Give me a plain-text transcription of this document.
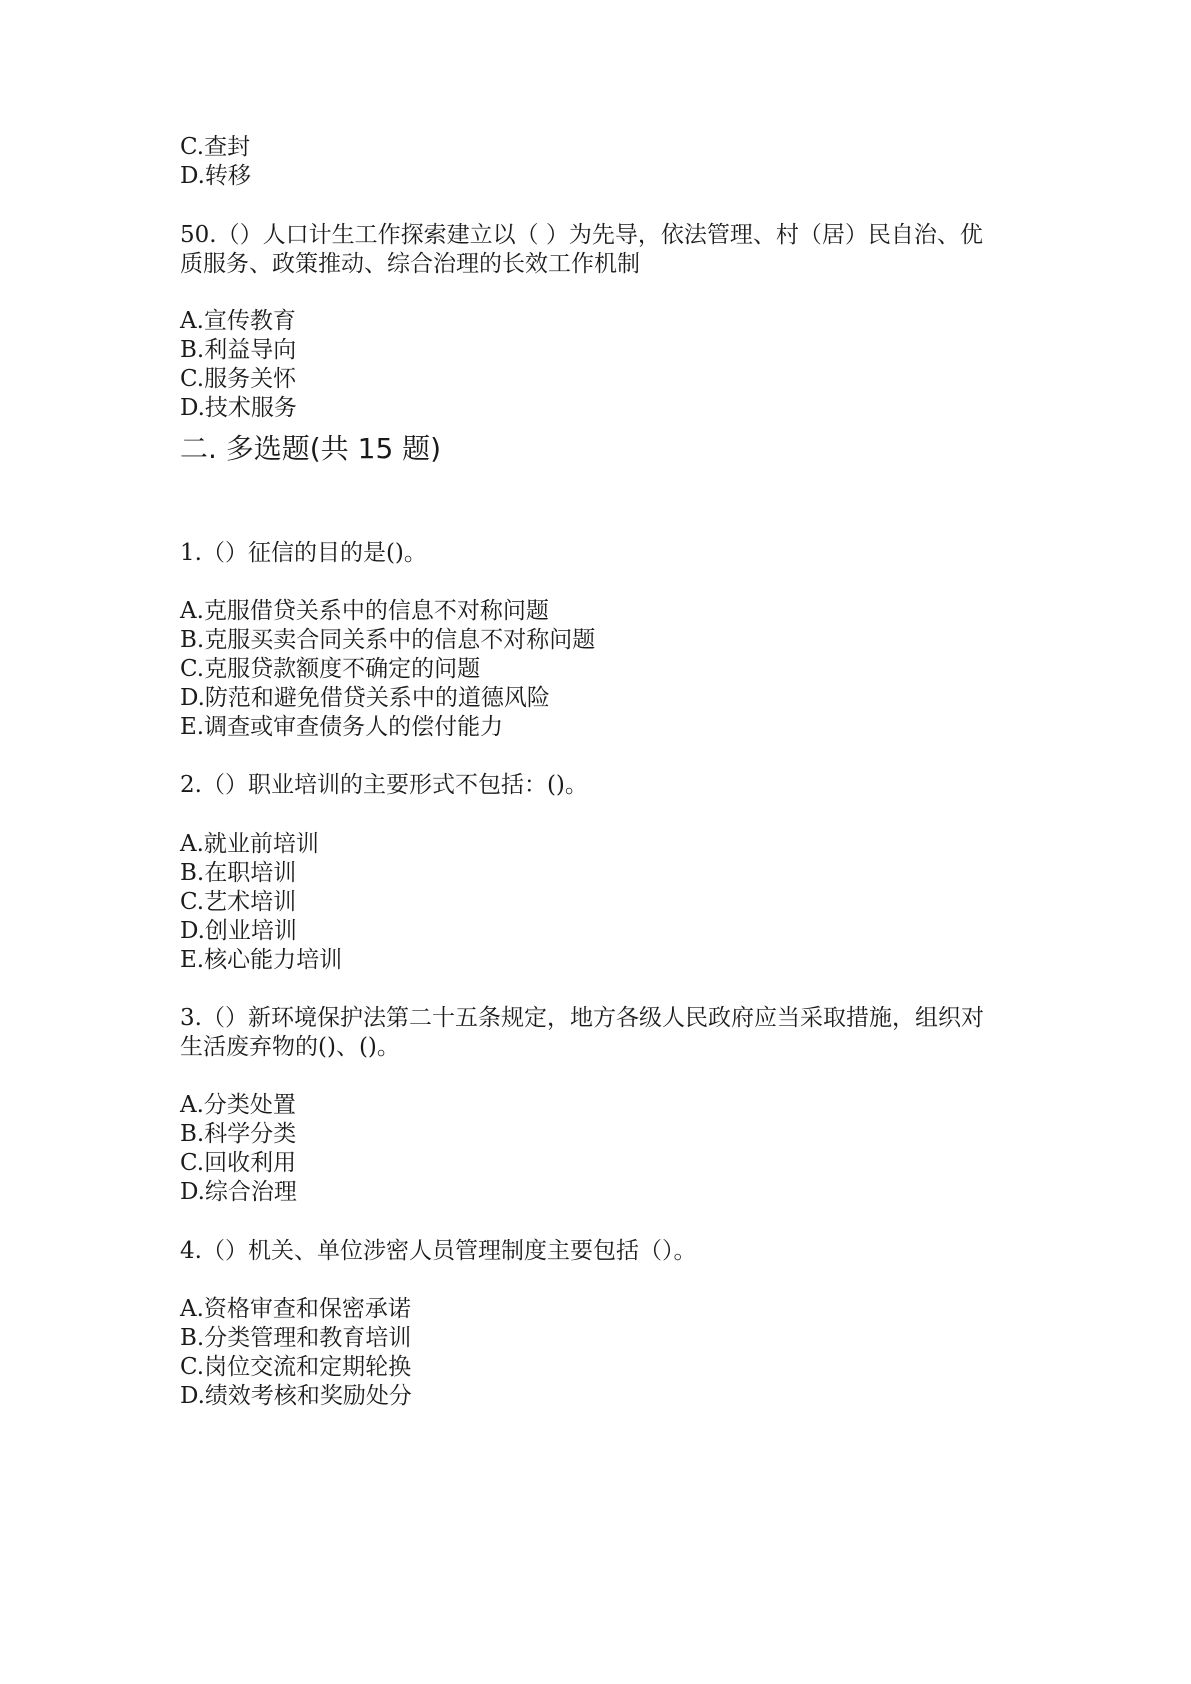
C.查封
D.转移
50.（）人口计生工作探索建立以（ ）为先导，依法管理、村（居）民自治、优
质服务、政策推动、综合治理的长效工作机制
A.宣传教育
B.利益导向
C.服务关怀
D.技术服务
二. 多选题(共 15 题)
1.（）征信的目的是()。
A.克服借贷关系中的信息不对称问题
B.克服买卖合同关系中的信息不对称问题
C.克服贷款额度不确定的问题
D.防范和避免借贷关系中的道德风险
E.调查或审查债务人的偿付能力
2.（）职业培训的主要形式不包括：()。
A.就业前培训
B.在职培训
C.艺术培训
D.创业培训
E.核心能力培训
3.（）新环境保护法第二十五条规定，地方各级人民政府应当采取措施，组织对
生活废弃物的()、()。
A.分类处置
B.科学分类
C.回收利用
D.综合治理
4.（）机关、单位涉密人员管理制度主要包括（）。
A.资格审查和保密承诺
B.分类管理和教育培训
C.岗位交流和定期轮换
D.绩效考核和奖励处分
